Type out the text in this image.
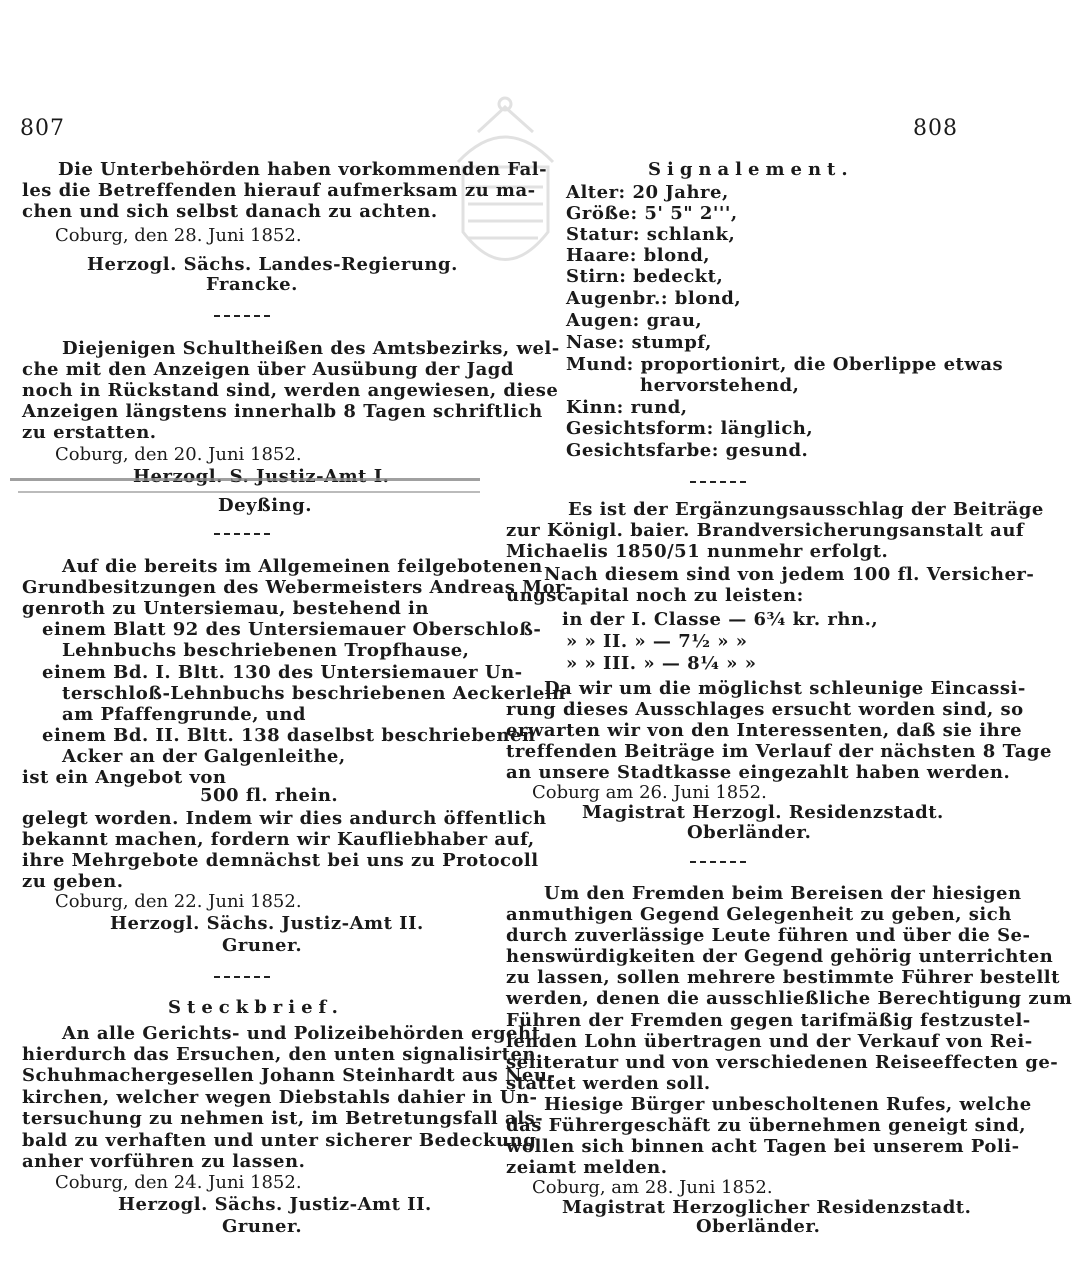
807	808
Die Unterbehörden haben vorkommenden Fal-
les die Betreffenden hierauf aufmerksam zu ma-
chen und sich selbst danach zu achten.
Coburg, den 28. Juni 1852.
Herzogl. Sächs. Landes-Regierung.
Francke.
Diejenigen Schultheißen des Amtsbezirks, wel-
che mit den Anzeigen über Ausübung der Jagd
noch in Rückstand sind, werden angewiesen, diese
Anzeigen längstens innerhalb 8 Tagen schriftlich
zu erstatten.
Coburg, den 20. Juni 1852.
Herzogl. S. Justiz-Amt I.
Deyßing.
Auf die bereits im Allgemeinen feilgebotenen
Grundbesitzungen des Webermeisters Andreas Mor-
genroth zu Untersiemau, bestehend in
einem Blatt 92 des Untersiemauer Oberschloß-
Lehnbuchs beschriebenen Tropfhause,
einem Bd. I. Bltt. 130 des Untersiemauer Un-
terschloß-Lehnbuchs beschriebenen Aeckerlein
am Pfaffengrunde, und
einem Bd. II. Bltt. 138 daselbst beschriebenen
Acker an der Galgenleithe,
ist ein Angebot von
500 fl. rhein.
gelegt worden. Indem wir dies andurch öffentlich
bekannt machen, fordern wir Kaufliebhaber auf,
ihre Mehrgebote demnächst bei uns zu Protocoll
zu geben.
Coburg, den 22. Juni 1852.
Herzogl. Sächs. Justiz-Amt II.
Gruner.
Steckbrief.
An alle Gerichts- und Polizeibehörden ergeht
hierdurch das Ersuchen, den unten signalisirten
Schuhmachergesellen Johann Steinhardt aus Neu-
kirchen, welcher wegen Diebstahls dahier in Un-
tersuchung zu nehmen ist, im Betretungsfall als-
bald zu verhaften und unter sicherer Bedeckung
anher vorführen zu lassen.
Coburg, den 24. Juni 1852.
Herzogl. Sächs. Justiz-Amt II.
Gruner.
Signalement.
Alter: 20 Jahre,
Größe: 5' 5" 2''',
Statur: schlank,
Haare: blond,
Stirn: bedeckt,
Augenbr.: blond,
Augen: grau,
Nase: stumpf,
Mund: proportionirt, die Oberlippe etwas
hervorstehend,
Kinn: rund,
Gesichtsform: länglich,
Gesichtsfarbe: gesund.
Es ist der Ergänzungsausschlag der Beiträge
zur Königl. baier. Brandversicherungsanstalt auf
Michaelis 1850/51 nunmehr erfolgt.
Nach diesem sind von jedem 100 fl. Versicher-
ungscapital noch zu leisten:
in der I. Classe — 6¾ kr. rhn.,
» » II. » — 7½ » »
» » III. » — 8¼ » »
Da wir um die möglichst schleunige Eincassi-
rung dieses Ausschlages ersucht worden sind, so
erwarten wir von den Interessenten, daß sie ihre
treffenden Beiträge im Verlauf der nächsten 8 Tage
an unsere Stadtkasse eingezahlt haben werden.
Coburg am 26. Juni 1852.
Magistrat Herzogl. Residenzstadt.
Oberländer.
Um den Fremden beim Bereisen der hiesigen
anmuthigen Gegend Gelegenheit zu geben, sich
durch zuverlässige Leute führen und über die Se-
henswürdigkeiten der Gegend gehörig unterrichten
zu lassen, sollen mehrere bestimmte Führer bestellt
werden, denen die ausschließliche Berechtigung zum
Führen der Fremden gegen tarifmäßig festzustel-
lenden Lohn übertragen und der Verkauf von Rei-
seliteratur und von verschiedenen Reiseeffecten ge-
stattet werden soll.
Hiesige Bürger unbescholtenen Rufes, welche
das Führergeschäft zu übernehmen geneigt sind,
wollen sich binnen acht Tagen bei unserem Poli-
zeiamt melden.
Coburg, am 28. Juni 1852.
Magistrat Herzoglicher Residenzstadt.
Oberländer.
